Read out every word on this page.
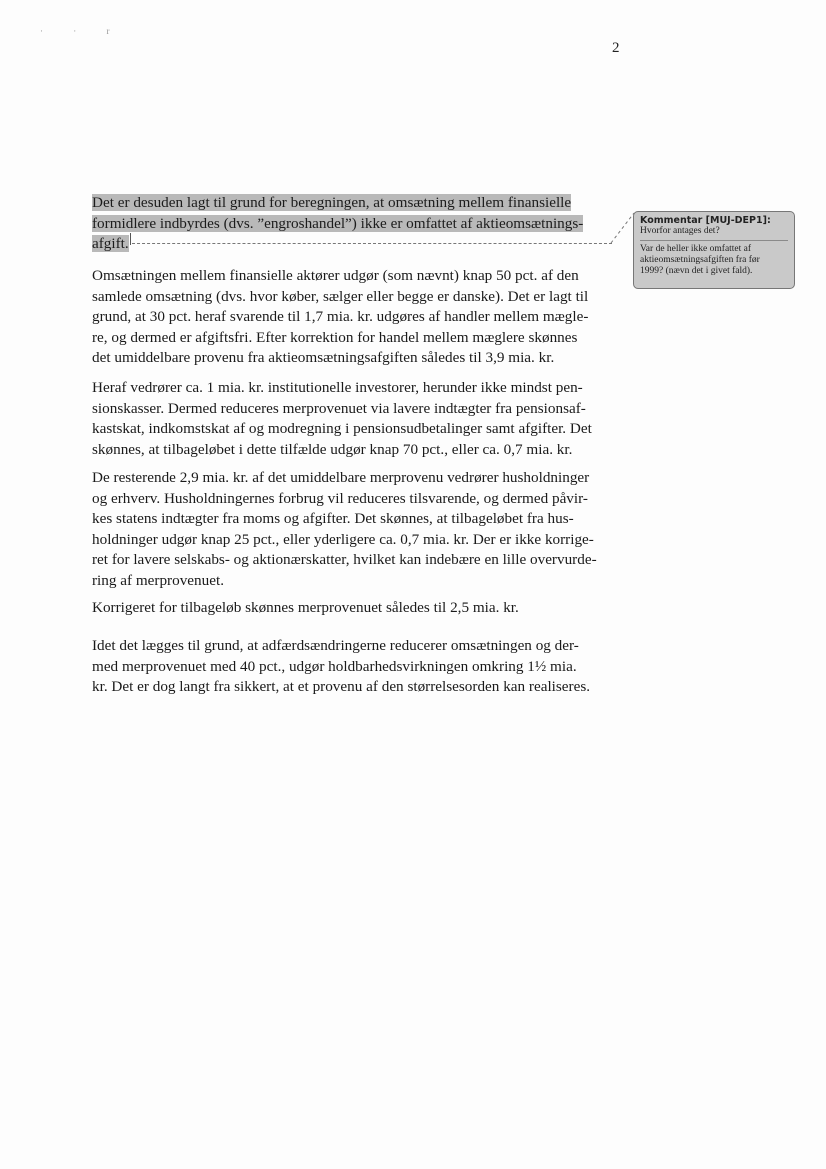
· · r
2
Det er desuden lagt til grund for beregningen, at omsætning mellem finansielle
formidlere indbyrdes (dvs. ”engroshandel”) ikke er omfattet af aktieomsætnings-
afgift.
Kommentar [MUJ-DEP1]:
Hvorfor antages det?
Var de heller ikke omfattet af
aktieomsætningsafgiften fra før
1999? (nævn det i givet fald).
Omsætningen mellem finansielle aktører udgør (som nævnt) knap 50 pct. af den
samlede omsætning (dvs. hvor køber, sælger eller begge er danske). Det er lagt til
grund, at 30 pct. heraf svarende til 1,7 mia. kr. udgøres af handler mellem mægle-
re, og dermed er afgiftsfri. Efter korrektion for handel mellem mæglere skønnes
det umiddelbare provenu fra aktieomsætningsafgiften således til 3,9 mia. kr.
Heraf vedrører ca. 1 mia. kr. institutionelle investorer, herunder ikke mindst pen-
sionskasser. Dermed reduceres merprovenuet via lavere indtægter fra pensionsaf-
kastskat, indkomstskat af og modregning i pensionsudbetalinger samt afgifter. Det
skønnes, at tilbageløbet i dette tilfælde udgør knap 70 pct., eller ca. 0,7 mia. kr.
De resterende 2,9 mia. kr. af det umiddelbare merprovenu vedrører husholdninger
og erhverv. Husholdningernes forbrug vil reduceres tilsvarende, og dermed påvir-
kes statens indtægter fra moms og afgifter. Det skønnes, at tilbageløbet fra hus-
holdninger udgør knap 25 pct., eller yderligere ca. 0,7 mia. kr. Der er ikke korrige-
ret for lavere selskabs- og aktionærskatter, hvilket kan indebære en lille overvurde-
ring af merprovenuet.
Korrigeret for tilbageløb skønnes merprovenuet således til 2,5 mia. kr.
Idet det lægges til grund, at adfærdsændringerne reducerer omsætningen og der-
med merprovenuet med 40 pct., udgør holdbarhedsvirkningen omkring 1½ mia.
kr. Det er dog langt fra sikkert, at et provenu af den størrelsesorden kan realiseres.
